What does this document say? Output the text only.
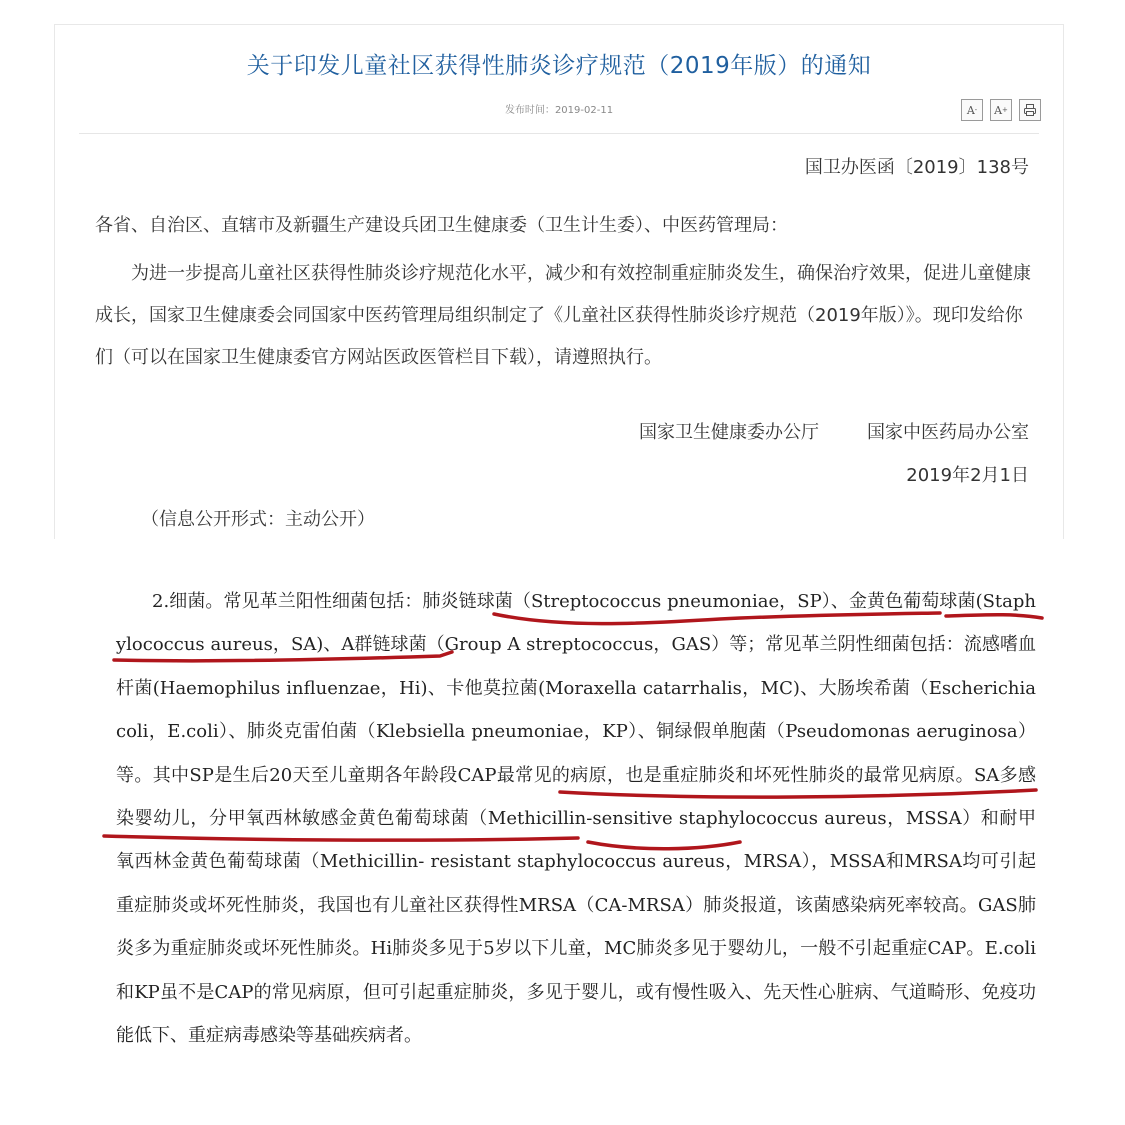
关于印发儿童社区获得性肺炎诊疗规范（2019年版）的通知
发布时间：2019-02-11	A - A +
国卫办医函〔2019〕138号
各省、自治区、直辖市及新疆生产建设兵团卫生健康委（卫生计生委）、中医药管理局：
为进一步提高儿童社区获得性肺炎诊疗规范化水平，减少和有效控制重症肺炎发生，确保治疗效果，促进儿童健康成长，国家卫生健康委会同国家中医药管理局组织制定了《儿童社区获得性肺炎诊疗规范（2019年版）》。现印发给你们（可以在国家卫生健康委官方网站医政医管栏目下载），请遵照执行。
国家卫生健康委办公厅	国家中医药局办公室
2019年2月1日
（信息公开形式：主动公开）
2.细菌。常见革兰阳性细菌包括：肺炎链球菌（Streptococcus pneumoniae，SP）、金黄色葡萄球菌(Staphylococcus aureus，SA)、A群链球菌（Group A streptococcus，GAS）等；常见革兰阴性细菌包括：流感嗜血杆菌(Haemophilus influenzae，Hi)、卡他莫拉菌(Moraxella catarrhalis，MC)、大肠埃希菌（Escherichia coli，E.coli）、肺炎克雷伯菌（Klebsiella pneumoniae，KP）、铜绿假单胞菌（Pseudomonas aeruginosa）等。其中SP是生后20天至儿童期各年龄段CAP最常见的病原，也是重症肺炎和坏死性肺炎的最常见病原。SA多感染婴幼儿，分甲氧西林敏感金黄色葡萄球菌（Methicillin-sensitive staphylococcus aureus，MSSA）和耐甲氧西林金黄色葡萄球菌（Methicillin- resistant staphylococcus aureus，MRSA），MSSA和MRSA均可引起重症肺炎或坏死性肺炎，我国也有儿童社区获得性MRSA（CA-MRSA）肺炎报道，该菌感染病死率较高。GAS肺炎多为重症肺炎或坏死性肺炎。Hi肺炎多见于5岁以下儿童，MC肺炎多见于婴幼儿，一般不引起重症CAP。E.coli和KP虽不是CAP的常见病原，但可引起重症肺炎，多见于婴儿，或有慢性吸入、先天性心脏病、气道畸形、免疫功能低下、重症病毒感染等基础疾病者。
